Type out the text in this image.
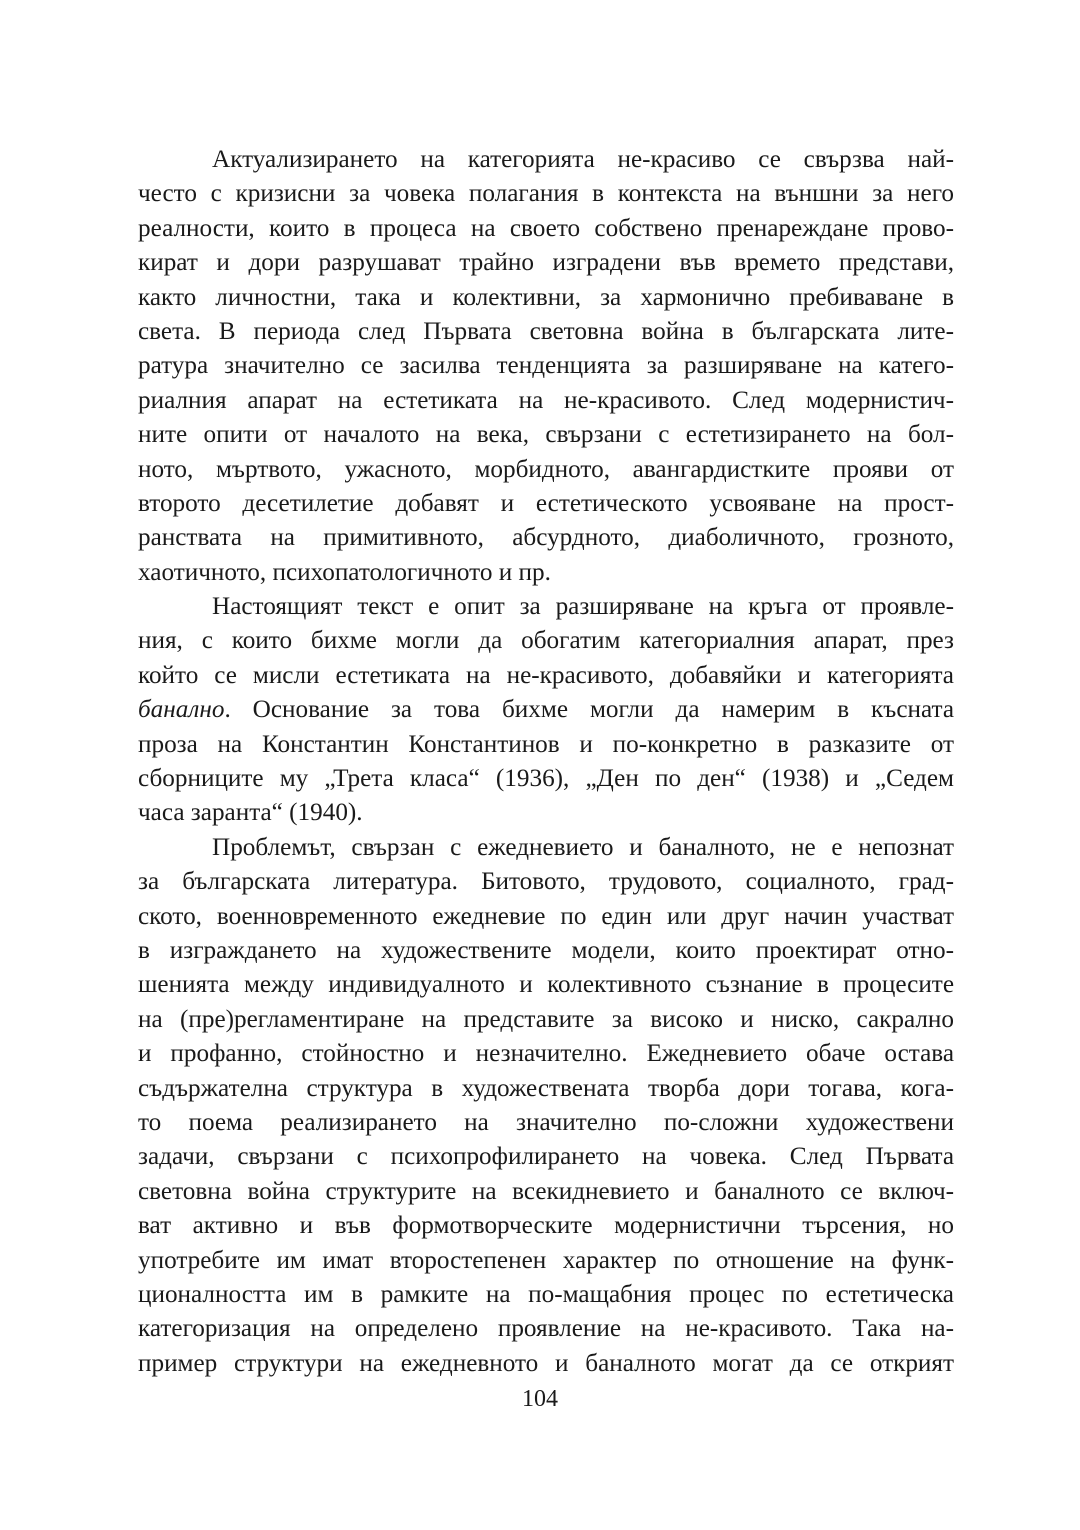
Актуализирането на категорията не-красиво се свързва най-
често с кризисни за човека полагания в контекста на външни за него
реалности, които в процеса на своето собствено пренареждане прово-
кират и дори разрушават трайно изградени във времето представи,
както личностни, така и колективни, за хармонично пребиваване в
света. В периода след Първата световна война в българската лите-
ратура значително се засилва тенденцията за разширяване на катего-
риалния апарат на естетиката на не-красивото. След модернистич-
ните опити от началото на века, свързани с естетизирането на бол-
ното, мъртвото, ужасното, морбидното, авангардистките прояви от
второто десетилетие добавят и естетическото усвояване на прост-
ранствата на примитивното, абсурдното, диаболичното, грозното,
хаотичното, психопатологичното и пр.
Настоящият текст е опит за разширяване на кръга от проявле-
ния, с които бихме могли да обогатим категориалния апарат, през
който се мисли естетиката на не-красивото, добавяйки и категорията
банално. Основание за това бихме могли да намерим в късната
проза на Константин Константинов и по-конкретно в разказите от
сборниците му „Трета класа“ (1936), „Ден по ден“ (1938) и „Седем
часа заранта“ (1940).
Проблемът, свързан с ежедневието и баналното, не е непознат
за българската литература. Битовото, трудовото, социалното, град-
ското, военновременното ежедневие по един или друг начин участват
в изграждането на художествените модели, които проектират отно-
шенията между индивидуалното и колективното съзнание в процесите
на (пре)регламентиране на представите за високо и ниско, сакрално
и профанно, стойностно и незначително. Ежедневието обаче остава
съдържателна структура в художествената творба дори тогава, кога-
то поема реализирането на значително по-сложни художествени
задачи, свързани с психопрофилирането на човека. След Първата
световна война структурите на всекидневието и баналното се включ-
ват активно и във формотворческите модернистични търсения, но
употребите им имат второстепенен характер по отношение на функ-
ционалността им в рамките на по-мащабния процес по естетическа
категоризация на определено проявление на не-красивото. Така на-
пример структури на ежедневното и баналното могат да се открият
104
